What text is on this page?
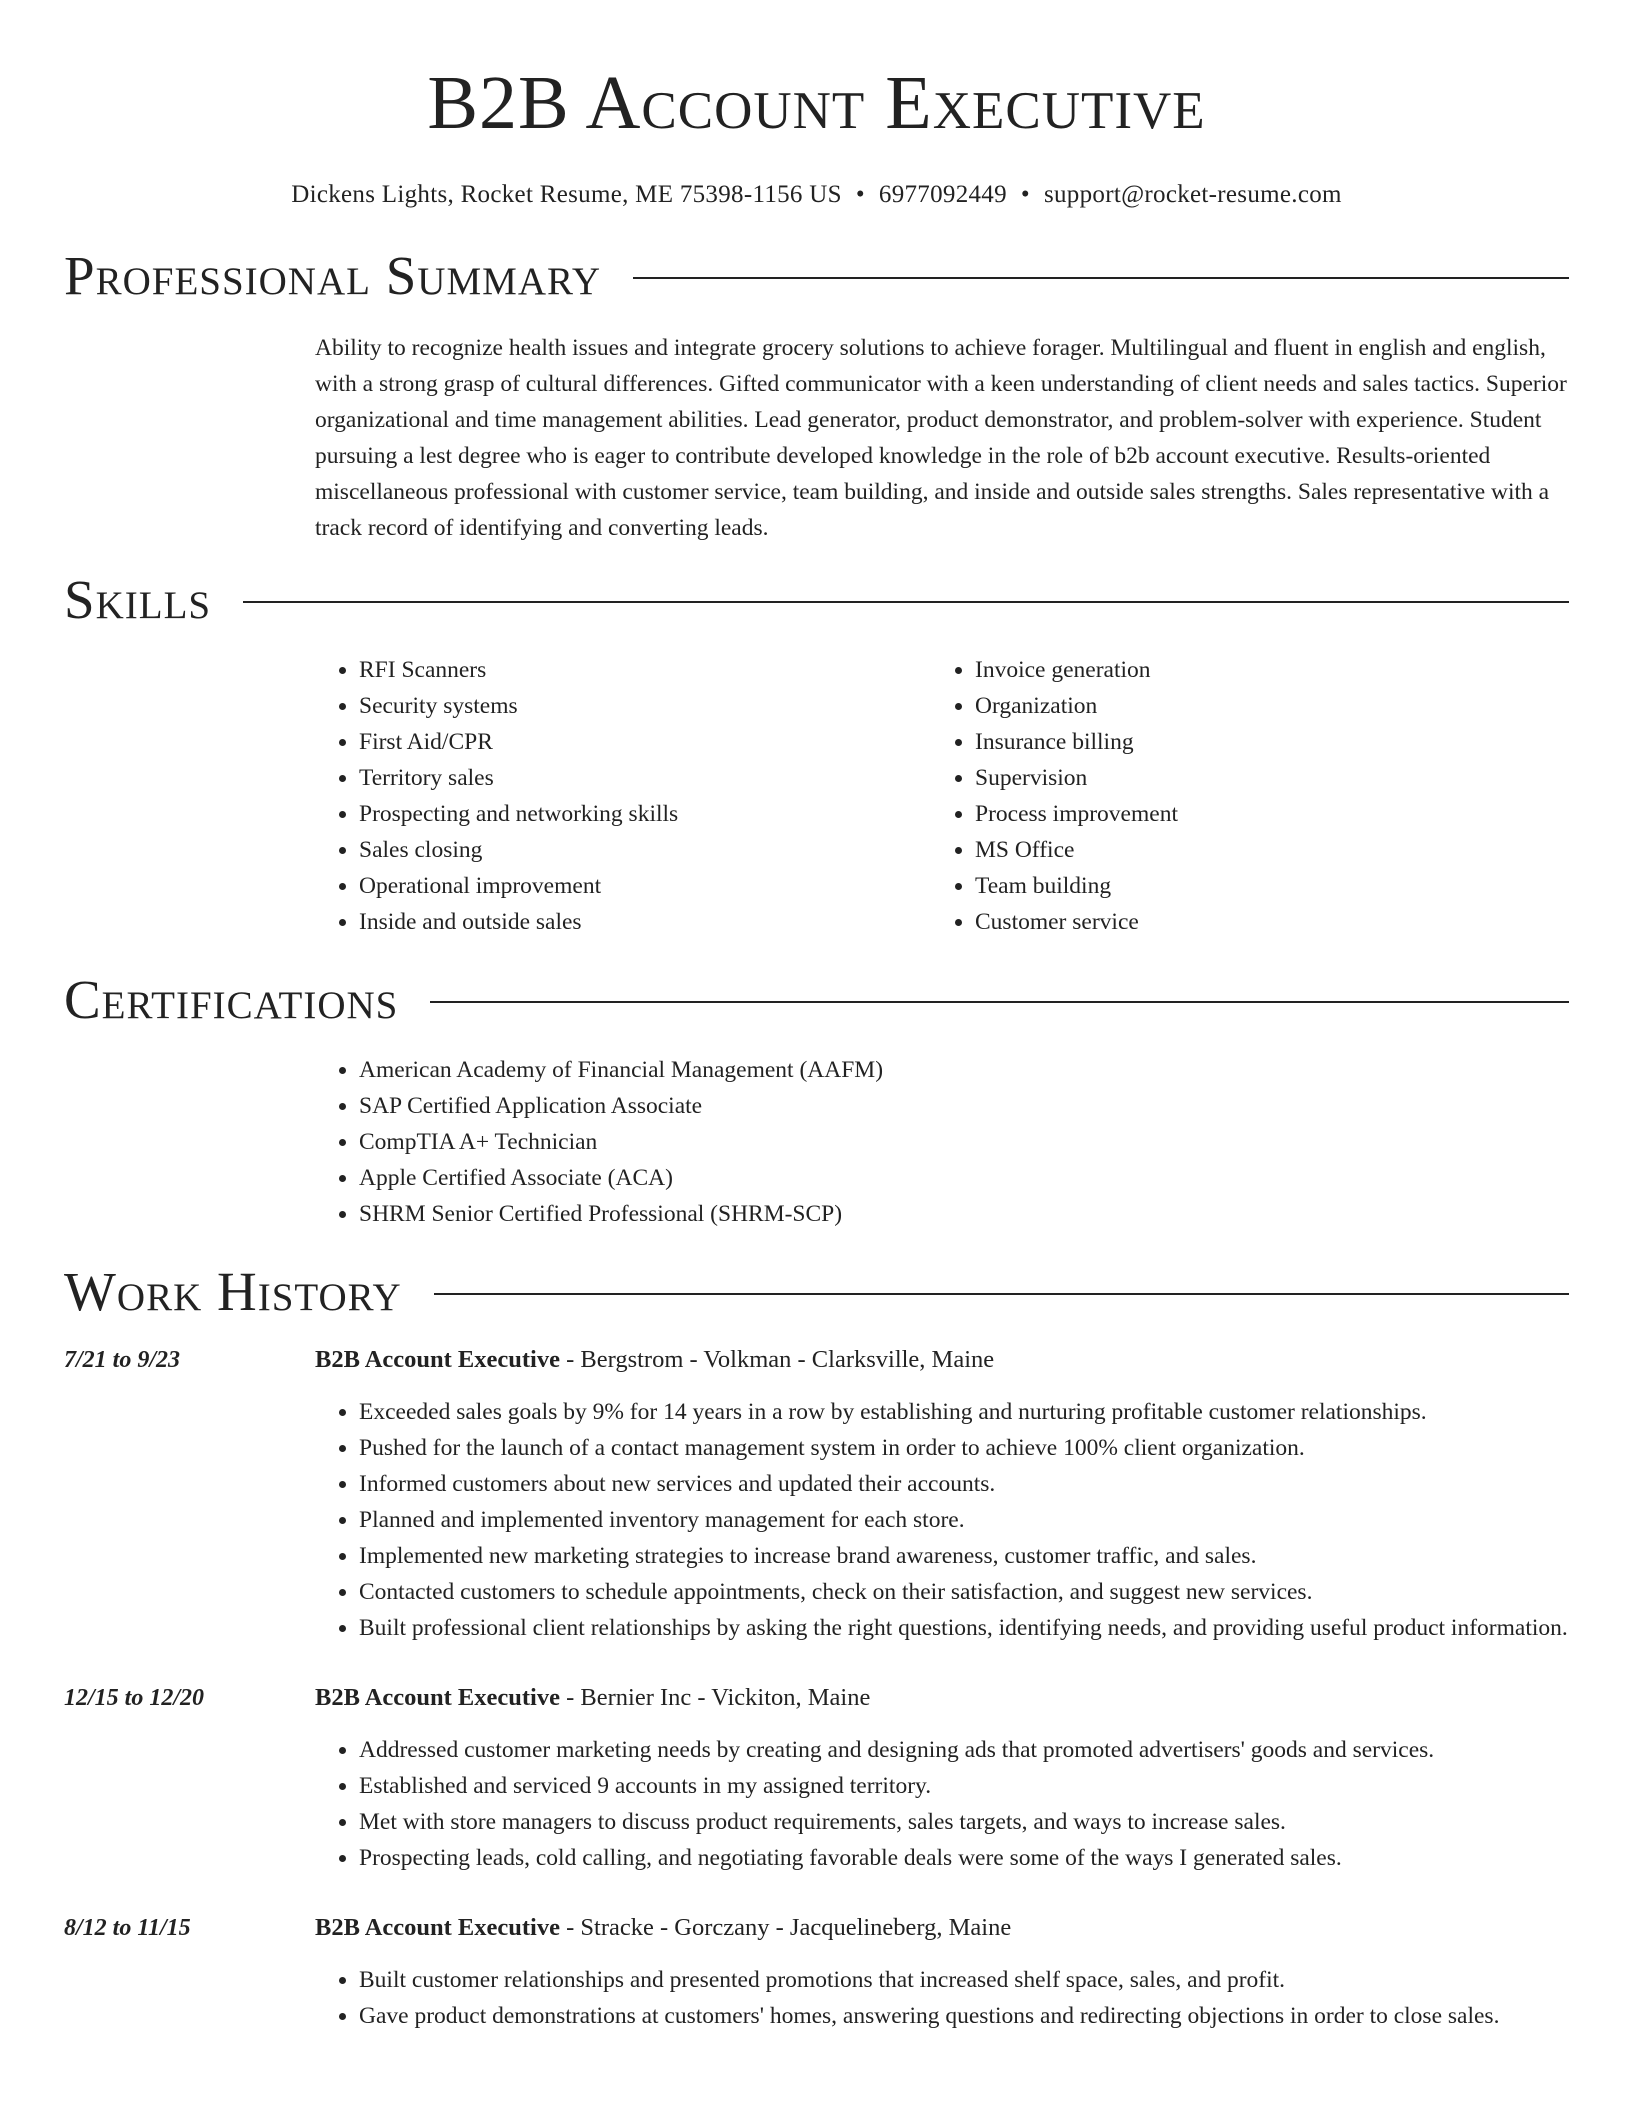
B2B Account Executive
Dickens Lights, Rocket Resume, ME 75398-1156 US • 6977092449 • support@rocket-resume.com
Professional Summary
Ability to recognize health issues and integrate grocery solutions to achieve forager. Multilingual and fluent in english and english, with a strong grasp of cultural differences. Gifted communicator with a keen understanding of client needs and sales tactics. Superior organizational and time management abilities. Lead generator, product demonstrator, and problem-solver with experience. Student pursuing a lest degree who is eager to contribute developed knowledge in the role of b2b account executive. Results-oriented miscellaneous professional with customer service, team building, and inside and outside sales strengths. Sales representative with a track record of identifying and converting leads.
Skills
• RFI Scanners
• Security systems
• First Aid/CPR
• Territory sales
• Prospecting and networking skills
• Sales closing
• Operational improvement
• Inside and outside sales
• Invoice generation
• Organization
• Insurance billing
• Supervision
• Process improvement
• MS Office
• Team building
• Customer service
Certifications
• American Academy of Financial Management (AAFM)
• SAP Certified Application Associate
• CompTIA A+ Technician
• Apple Certified Associate (ACA)
• SHRM Senior Certified Professional (SHRM-SCP)
Work History
7/21 to 9/23	B2B Account Executive - Bergstrom - Volkman - Clarksville, Maine
• Exceeded sales goals by 9% for 14 years in a row by establishing and nurturing profitable customer relationships.
• Pushed for the launch of a contact management system in order to achieve 100% client organization.
• Informed customers about new services and updated their accounts.
• Planned and implemented inventory management for each store.
• Implemented new marketing strategies to increase brand awareness, customer traffic, and sales.
• Contacted customers to schedule appointments, check on their satisfaction, and suggest new services.
• Built professional client relationships by asking the right questions, identifying needs, and providing useful product information.
12/15 to 12/20	B2B Account Executive - Bernier Inc - Vickiton, Maine
• Addressed customer marketing needs by creating and designing ads that promoted advertisers' goods and services.
• Established and serviced 9 accounts in my assigned territory.
• Met with store managers to discuss product requirements, sales targets, and ways to increase sales.
• Prospecting leads, cold calling, and negotiating favorable deals were some of the ways I generated sales.
8/12 to 11/15	B2B Account Executive - Stracke - Gorczany - Jacquelineberg, Maine
• Built customer relationships and presented promotions that increased shelf space, sales, and profit.
• Gave product demonstrations at customers' homes, answering questions and redirecting objections in order to close sales.
